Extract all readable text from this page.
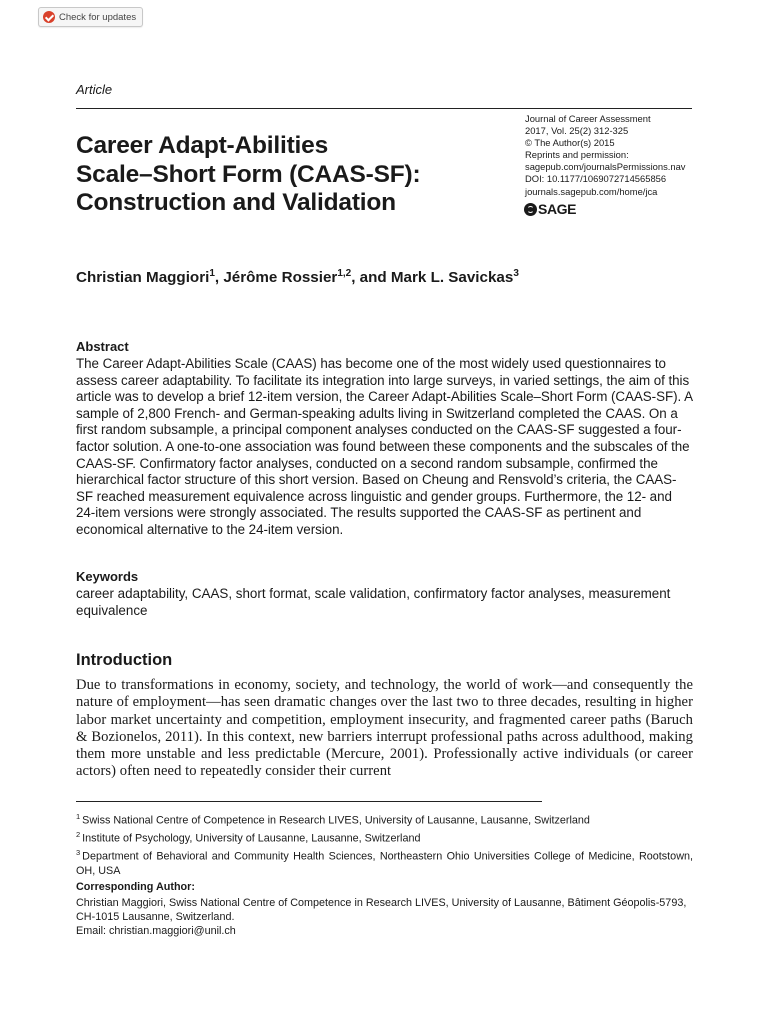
Check for updates
Article
Career Adapt-Abilities
Scale–Short Form (CAAS-SF):
Construction and Validation
Journal of Career Assessment
2017, Vol. 25(2) 312-325
© The Author(s) 2015
Reprints and permission:
sagepub.com/journalsPermissions.nav
DOI: 10.1177/1069072714565856
journals.sagepub.com/home/jca
SAGE
Christian Maggiori$^1$, Jérôme Rossier$^{1,2}$, and Mark L. Savickas$^3$
Abstract
The Career Adapt-Abilities Scale (CAAS) has become one of the most widely used questionnaires to assess career adaptability. To facilitate its integration into large surveys, in varied settings, the aim of this article was to develop a brief 12-item version, the Career Adapt-Abilities Scale–Short Form (CAAS-SF). A sample of 2,800 French- and German-speaking adults living in Switzerland completed the CAAS. On a first random subsample, a principal component analyses conducted on the CAAS-SF suggested a four-factor solution. A one-to-one association was found between these components and the subscales of the CAAS-SF. Confirmatory factor analyses, conducted on a second random subsample, confirmed the hierarchical factor structure of this short version. Based on Cheung and Rensvold’s criteria, the CAAS-SF reached measurement equivalence across linguistic and gender groups. Furthermore, the 12- and 24-item versions were strongly associated. The results supported the CAAS-SF as pertinent and economical alternative to the 24-item version.
Keywords
career adaptability, CAAS, short format, scale validation, confirmatory factor analyses, measurement equivalence
Introduction
Due to transformations in economy, society, and technology, the world of work—and consequently the nature of employment—has seen dramatic changes over the last two to three decades, resulting in higher labor market uncertainty and competition, employment insecurity, and fragmented career paths (Baruch & Bozionelos, 2011). In this context, new barriers interrupt professional paths across adulthood, making them more unstable and less predictable (Mercure, 2001). Professionally active individuals (or career actors) often need to repeatedly consider their current
$^1$ Swiss National Centre of Competence in Research LIVES, University of Lausanne, Lausanne, Switzerland
$^2$ Institute of Psychology, University of Lausanne, Lausanne, Switzerland
$^3$ Department of Behavioral and Community Health Sciences, Northeastern Ohio Universities College of Medicine, Rootstown, OH, USA
Corresponding Author:
Christian Maggiori, Swiss National Centre of Competence in Research LIVES, University of Lausanne, Bâtiment Géopolis-5793, CH-1015 Lausanne, Switzerland.
Email: christian.maggiori@unil.ch
